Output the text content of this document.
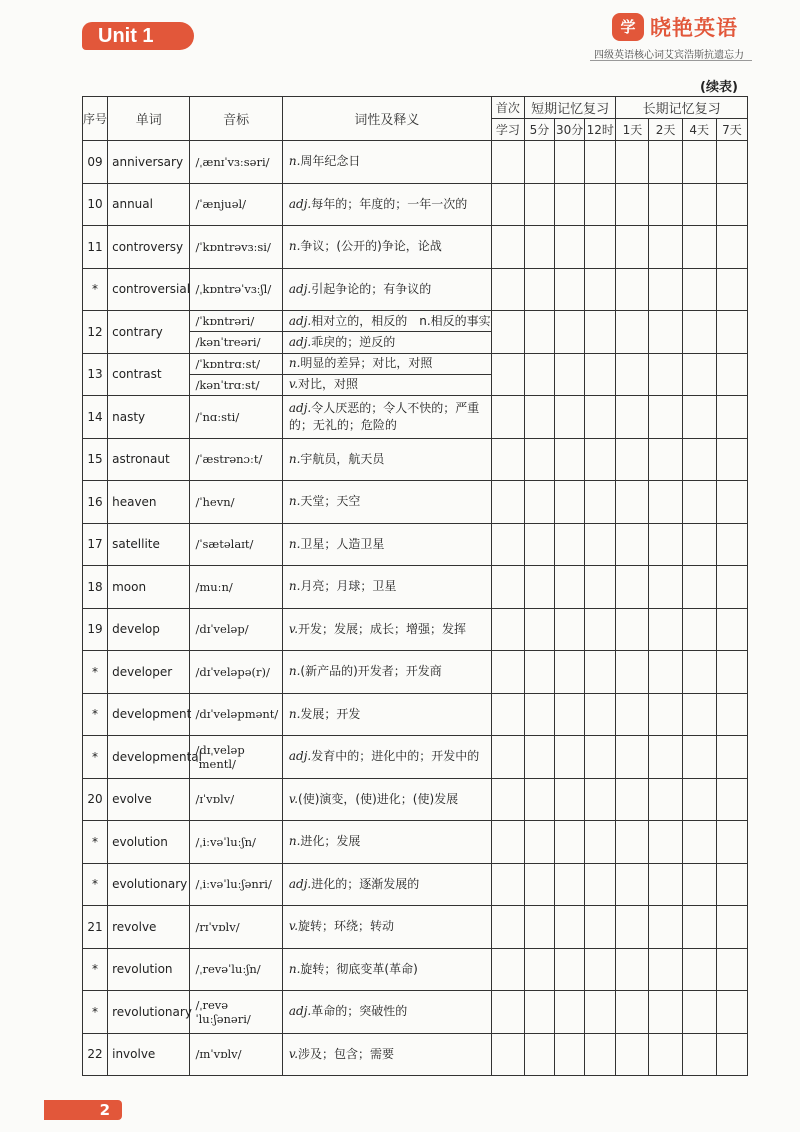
Unit 1	学 晓艳英语
四级英语核心词艾宾浩斯抗遗忘力
(续表)
序号	单词	音标	词性及释义	首次	短期记忆复习			长期记忆复习			
				学习	5分	30分	12时	1天	2天	4天	7天
09	anniversary	/ˌænɪˈvɜːsəri/	n.周年纪念日								
10	annual	/ˈænjuəl/	adj.每年的；年度的；一年一次的								
11	controversy	/ˈkɒntrəvɜːsi/	n.争议；(公开的)争论，论战								
*	controversial	/ˌkɒntrəˈvɜːʃl/	adj.引起争论的；有争议的								
12	contrary	/ˈkɒntrəri/	adj.相对立的，相反的　n.相反的事实								
		/kənˈtreəri/	adj.乖戾的；逆反的								
13	contrast	/ˈkɒntrɑːst/	n.明显的差异；对比，对照								
		/kənˈtrɑːst/	v.对比，对照								
14	nasty	/ˈnɑːsti/	adj.令人厌恶的；令人不快的；严重的；无礼的；危险的								
15	astronaut	/ˈæstrənɔːt/	n.宇航员，航天员								
16	heaven	/ˈhevn/	n.天堂；天空								
17	satellite	/ˈsætəlaɪt/	n.卫星；人造卫星								
18	moon	/muːn/	n.月亮；月球；卫星								
19	develop	/dɪˈveləp/	v.开发；发展；成长；增强；发挥								
*	developer	/dɪˈveləpə(r)/	n.(新产品的)开发者；开发商								
*	development	/dɪˈveləpmənt/	n.发展；开发								
*	developmental	/dɪˌveləpˈmentl/	adj.发育中的；进化中的；开发中的								
20	evolve	/ɪˈvɒlv/	v.(使)演变，(使)进化；(使)发展								
*	evolution	/ˌiːvəˈluːʃn/	n.进化；发展								
*	evolutionary	/ˌiːvəˈluːʃənri/	adj.进化的；逐渐发展的								
21	revolve	/rɪˈvɒlv/	v.旋转；环绕；转动								
*	revolution	/ˌrevəˈluːʃn/	n.旋转；彻底变革(革命)								
*	revolutionary	/ˌrevəˈluːʃənəri/	adj.革命的；突破性的								
22	involve	/ɪnˈvɒlv/	v.涉及；包含；需要								
2
